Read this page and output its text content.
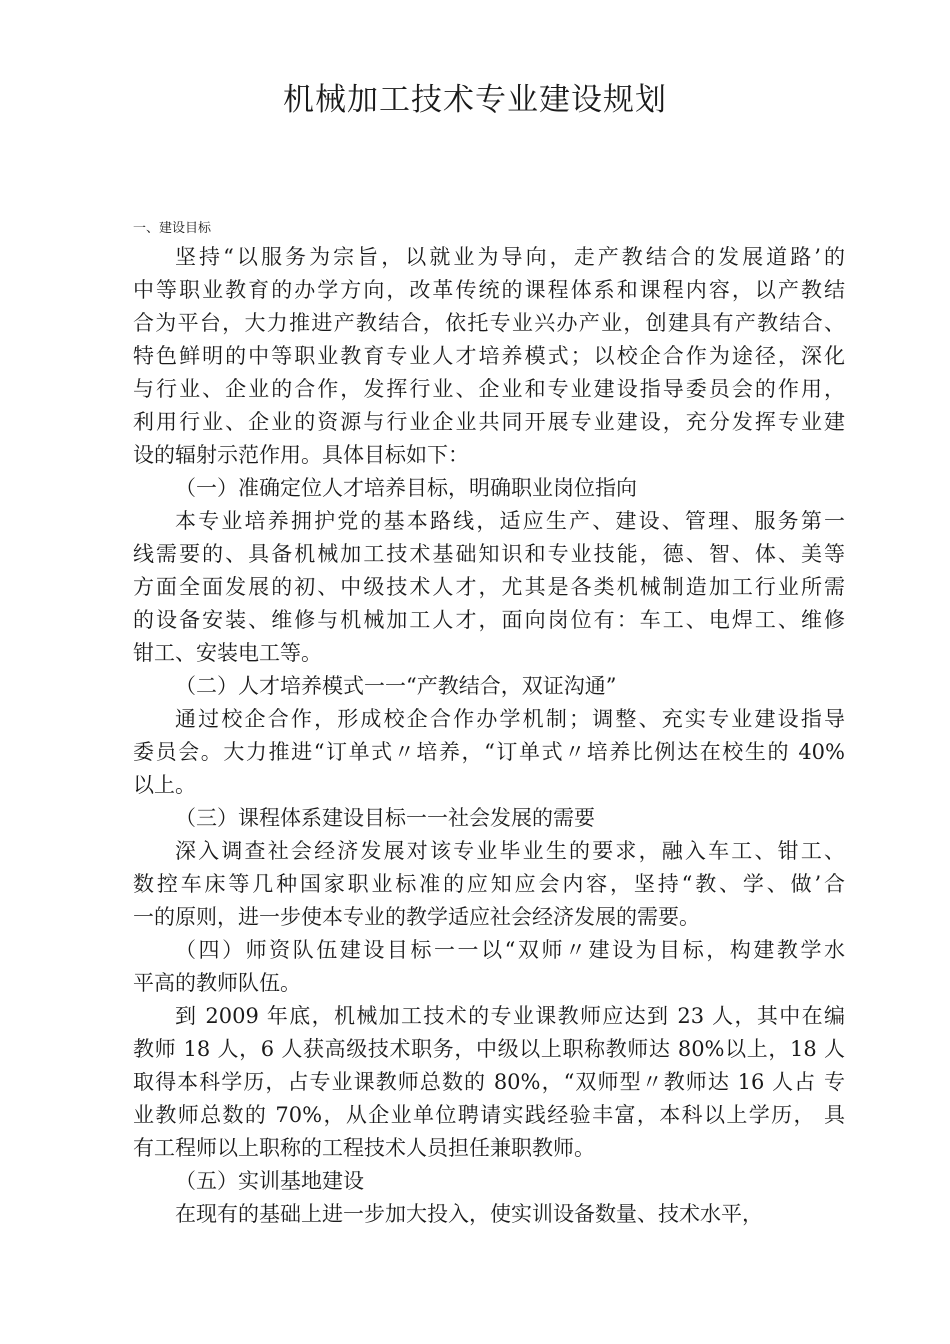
机械加工技术专业建设规划
一、建设目标
坚持“以服务为宗旨，以就业为导向，走产教结合的发展道路’的
中等职业教育的办学方向，改革传统的课程体系和课程内容，以产教结
合为平台，大力推进产教结合，依托专业兴办产业，创建具有产教结合、
特色鲜明的中等职业教育专业人才培养模式；以校企合作为途径，深化
与行业、企业的合作，发挥行业、企业和专业建设指导委员会的作用，
利用行业、企业的资源与行业企业共同开展专业建设，充分发挥专业建
设的辐射示范作用。具体目标如下：
（一）准确定位人才培养目标，明确职业岗位指向
本专业培养拥护党的基本路线，适应生产、建设、管理、服务第一
线需要的、具备机械加工技术基础知识和专业技能，德、智、体、美等
方面全面发展的初、中级技术人才，尤其是各类机械制造加工行业所需
的设备安装、维修与机械加工人才，面向岗位有：车工、电焊工、维修
钳工、安装电工等。
（二）人才培养模式一一“产教结合，双证沟通”
通过校企合作，形成校企合作办学机制；调整、充实专业建设指导
委员会。大力推进“订单式〃培养，“订单式〃培养比例达在校生的 40%
以上。
（三）课程体系建设目标一一社会发展的需要
深入调查社会经济发展对该专业毕业生的要求，融入车工、钳工、
数控车床等几种国家职业标准的应知应会内容，坚持“教、学、做’合
一的原则，进一步使本专业的教学适应社会经济发展的需要。
（四）师资队伍建设目标一一以“双师〃建设为目标，构建教学水
平高的教师队伍。
到 2009 年底，机械加工技术的专业课教师应达到 23 人，其中在编
教师 18 人，6 人获高级技术职务，中级以上职称教师达 80%以上，18 人
取得本科学历，占专业课教师总数的 80%，“双师型〃教师达 16 人占 专
业教师总数的 70%，从企业单位聘请实践经验丰富，本科以上学历， 具
有工程师以上职称的工程技术人员担任兼职教师。
（五）实训基地建设
在现有的基础上进一步加大投入，使实训设备数量、技术水平，
